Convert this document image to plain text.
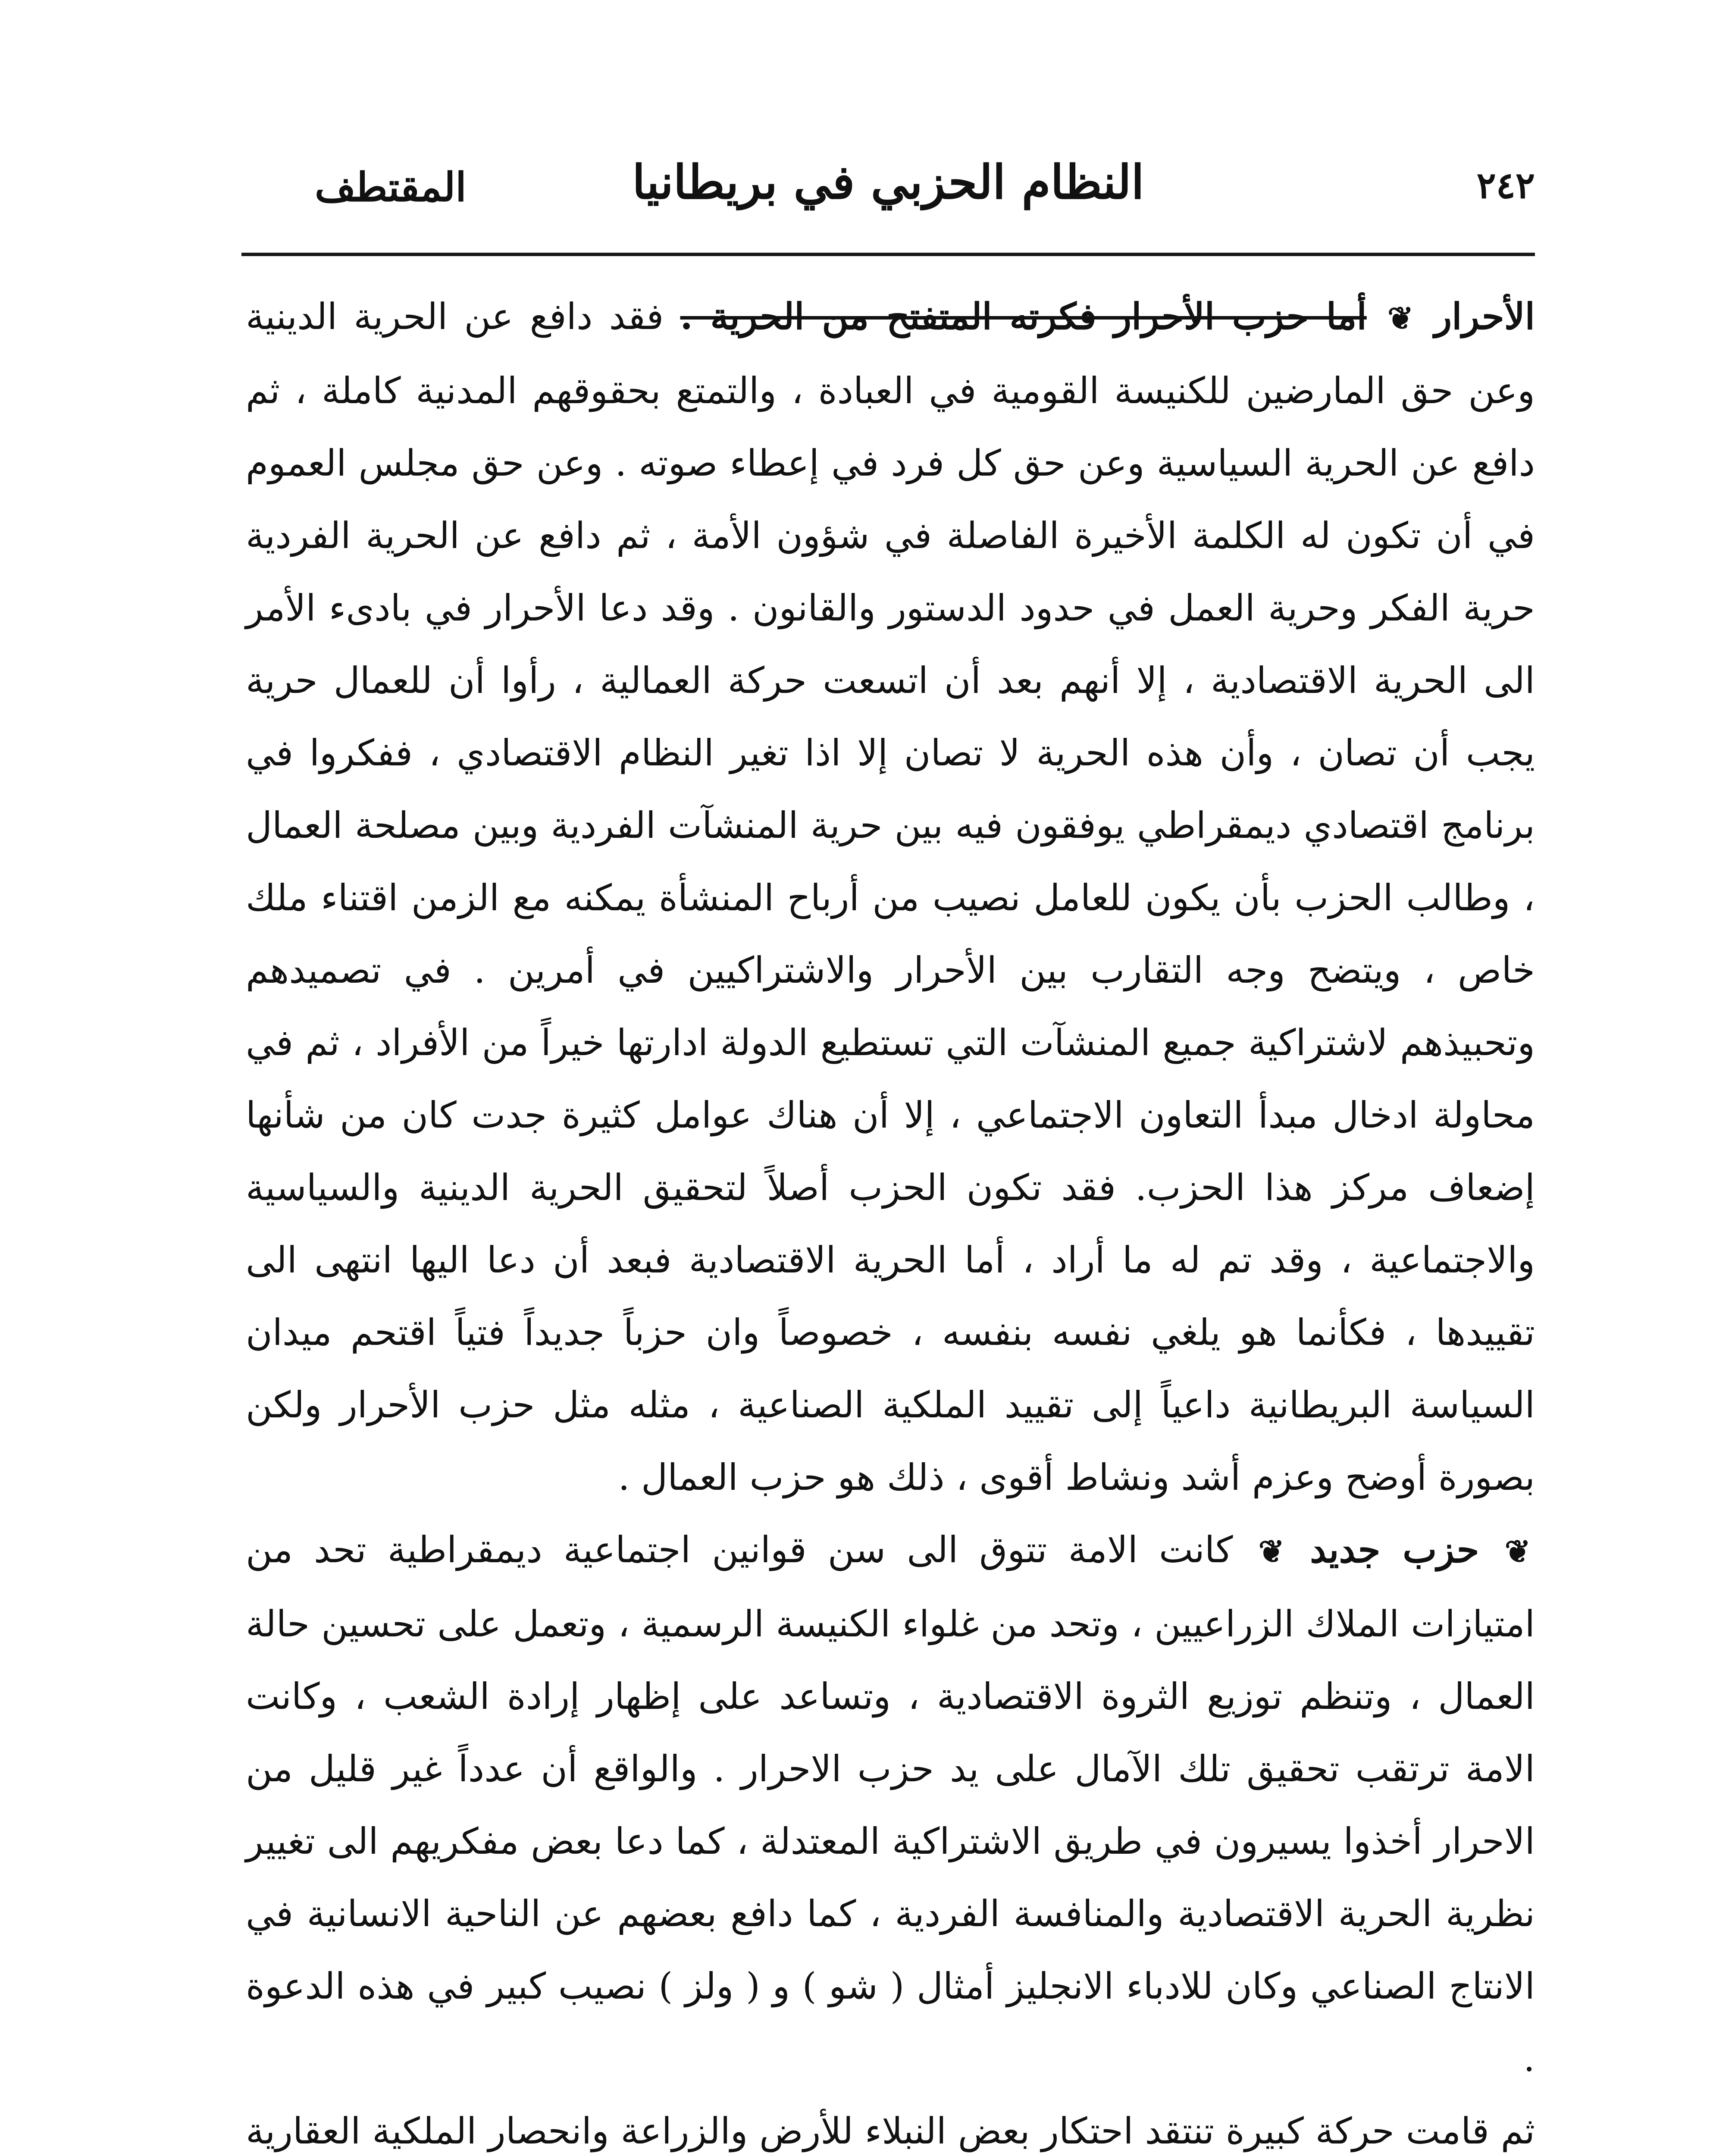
٢٤٢
النظام الحزبي في بريطانيا
المقتطف

الأحرار ❦ أما حزب الأحرار فكرته المتفتح من الحرية . فقد دافع عن الحرية الدينية وعن حق المارضين للكنيسة القومية في العبادة ، والتمتع بحقوقهم المدنية كاملة ، ثم دافع عن الحرية السياسية وعن حق كل فرد في إعطاء صوته . وعن حق مجلس العموم في أن تكون له الكلمة الأخيرة الفاصلة في شؤون الأمة ، ثم دافع عن الحرية الفردية حرية الفكر وحرية العمل في حدود الدستور والقانون . وقد دعا الأحرار في بادىء الأمر الى الحرية الاقتصادية ، إلا أنهم بعد أن اتسعت حركة العمالية ، رأوا أن للعمال حرية يجب أن تصان ، وأن هذه الحرية لا تصان إلا اذا تغير النظام الاقتصادي ، ففكروا في برنامج اقتصادي ديمقراطي يوفقون فيه بين حرية المنشآت الفردية وبين مصلحة العمال ، وطالب الحزب بأن يكون للعامل نصيب من أرباح المنشأة يمكنه مع الزمن اقتناء ملك خاص ، ويتضح وجه التقارب بين الأحرار والاشتراكيين في أمرين . في تصميدهم وتحبيذهم لاشتراكية جميع المنشآت التي تستطيع الدولة ادارتها خيراً من الأفراد ، ثم في محاولة ادخال مبدأ التعاون الاجتماعي ، إلا أن هناك عوامل كثيرة جدت كان من شأنها إضعاف مركز هذا الحزب. فقد تكون الحزب أصلاً لتحقيق الحرية الدينية والسياسية والاجتماعية ، وقد تم له ما أراد ، أما الحرية الاقتصادية فبعد أن دعا اليها انتهى الى تقييدها ، فكأنما هو يلغي نفسه بنفسه ، خصوصاً وان حزباً جديداً فتياً اقتحم ميدان السياسة البريطانية داعياً إلى تقييد الملكية الصناعية ، مثله مثل حزب الأحرار ولكن بصورة أوضح وعزم أشد ونشاط أقوى ، ذلك هو حزب العمال .

❦ حزب جديد ❦ كانت الامة تتوق الى سن قوانين اجتماعية ديمقراطية تحد من امتيازات الملاك الزراعيين ، وتحد من غلواء الكنيسة الرسمية ، وتعمل على تحسين حالة العمال ، وتنظم توزيع الثروة الاقتصادية ، وتساعد على إظهار إرادة الشعب ، وكانت الامة ترتقب تحقيق تلك الآمال على يد حزب الاحرار . والواقع أن عدداً غير قليل من الاحرار أخذوا يسيرون في طريق الاشتراكية المعتدلة ، كما دعا بعض مفكريهم الى تغيير نظرية الحرية الاقتصادية والمنافسة الفردية ، كما دافع بعضهم عن الناحية الانسانية في الانتاج الصناعي وكان للادباء الانجليز أمثال ( شو ) و ( ولز ) نصيب كبير في هذه الدعوة .

ثم قامت حركة كبيرة تنتقد احتكار بعض النبلاء للأرض والزراعة وانحصار الملكية العقارية
